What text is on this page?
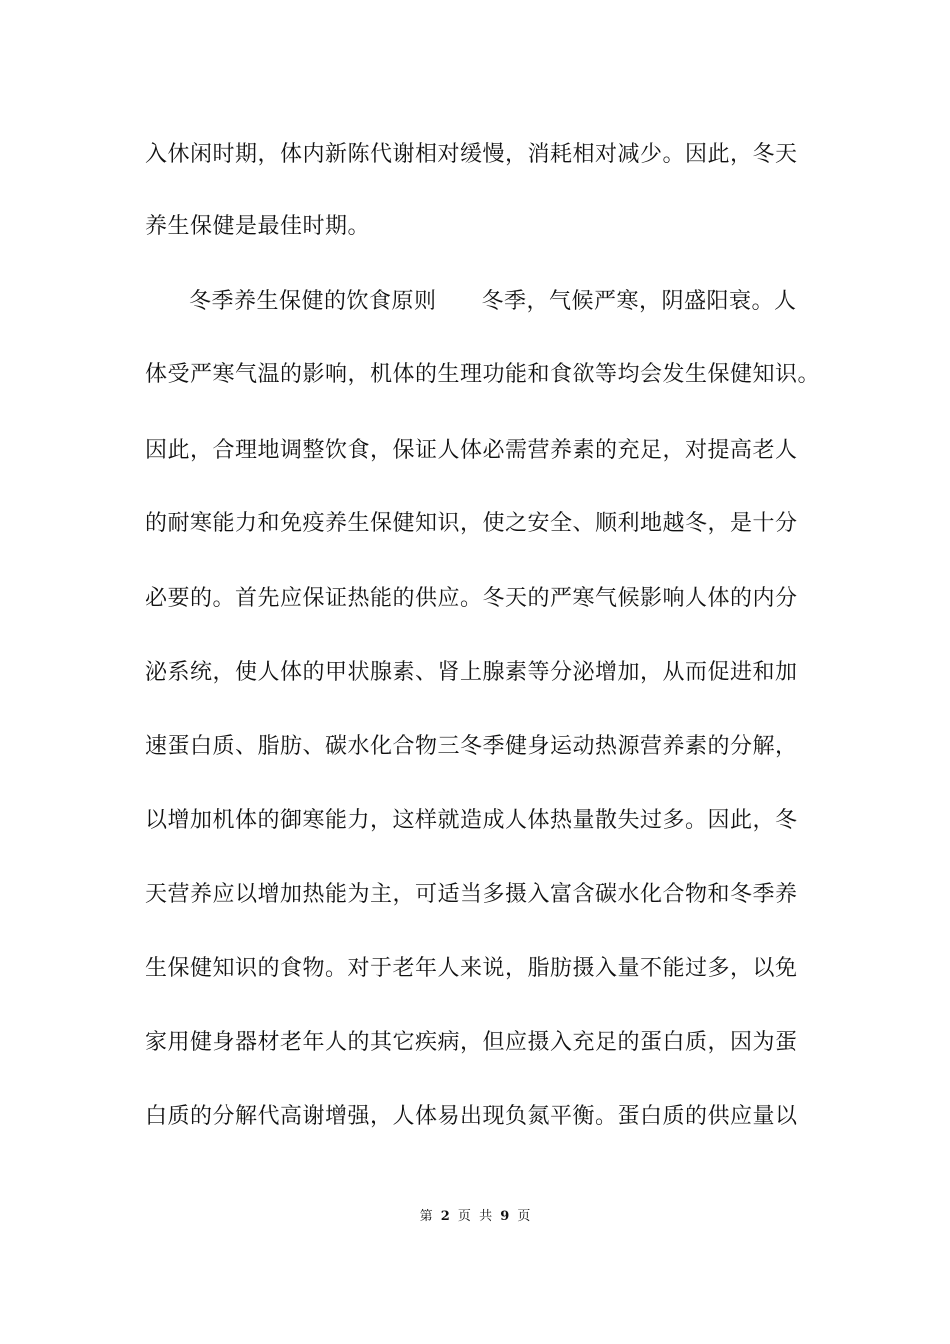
入休闲时期，体内新陈代谢相对缓慢，消耗相对减少。因此，冬天
养生保健是最佳时期。
冬季养生保健的饮食原则　　冬季，气候严寒，阴盛阳衰。人
体受严寒气温的影响，机体的生理功能和食欲等均会发生保健知识。
因此，合理地调整饮食，保证人体必需营养素的充足，对提高老人
的耐寒能力和免疫养生保健知识，使之安全、顺利地越冬，是十分
必要的。首先应保证热能的供应。冬天的严寒气候影响人体的内分
泌系统，使人体的甲状腺素、肾上腺素等分泌增加，从而促进和加
速蛋白质、脂肪、碳水化合物三冬季健身运动热源营养素的分解，
以增加机体的御寒能力，这样就造成人体热量散失过多。因此，冬
天营养应以增加热能为主，可适当多摄入富含碳水化合物和冬季养
生保健知识的食物。对于老年人来说，脂肪摄入量不能过多，以免
家用健身器材老年人的其它疾病，但应摄入充足的蛋白质，因为蛋
白质的分解代高谢增强，人体易出现负氮平衡。蛋白质的供应量以
第 2 页 共 9 页
